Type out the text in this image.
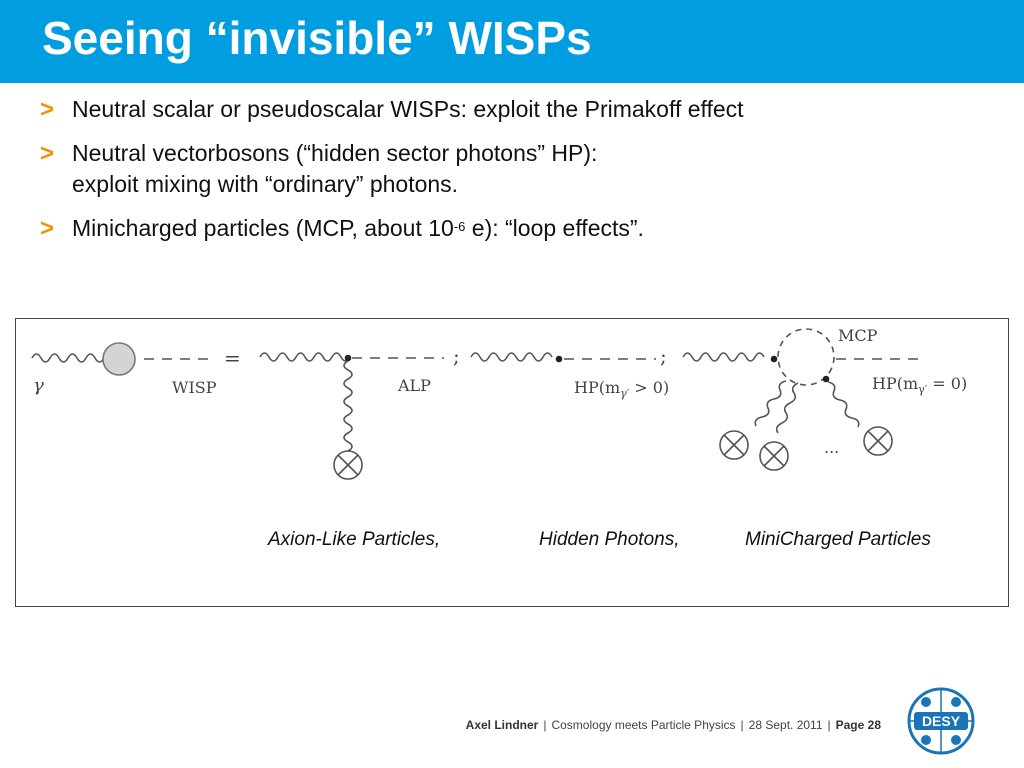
Seeing “invisible” WISPs
> Neutral scalar or pseudoscalar WISPs: exploit the Primakoff effect
> Neutral vectorbosons (“hidden sector photons” HP):
exploit mixing with “ordinary” photons.
> Minicharged particles (MCP, about $10^{-6}$ e): “loop effects”.
γ	WISP
=
ALP
;
$HP(m_{\gamma'} > 0)$
;
...
MCP
$HP(m_{\gamma'} = 0)$
Axion-Like Particles,	Hidden Photons,	MiniCharged Particles
Axel Lindner | Cosmology meets Particle Physics | 28 Sept. 2011 | Page 28	DESY
